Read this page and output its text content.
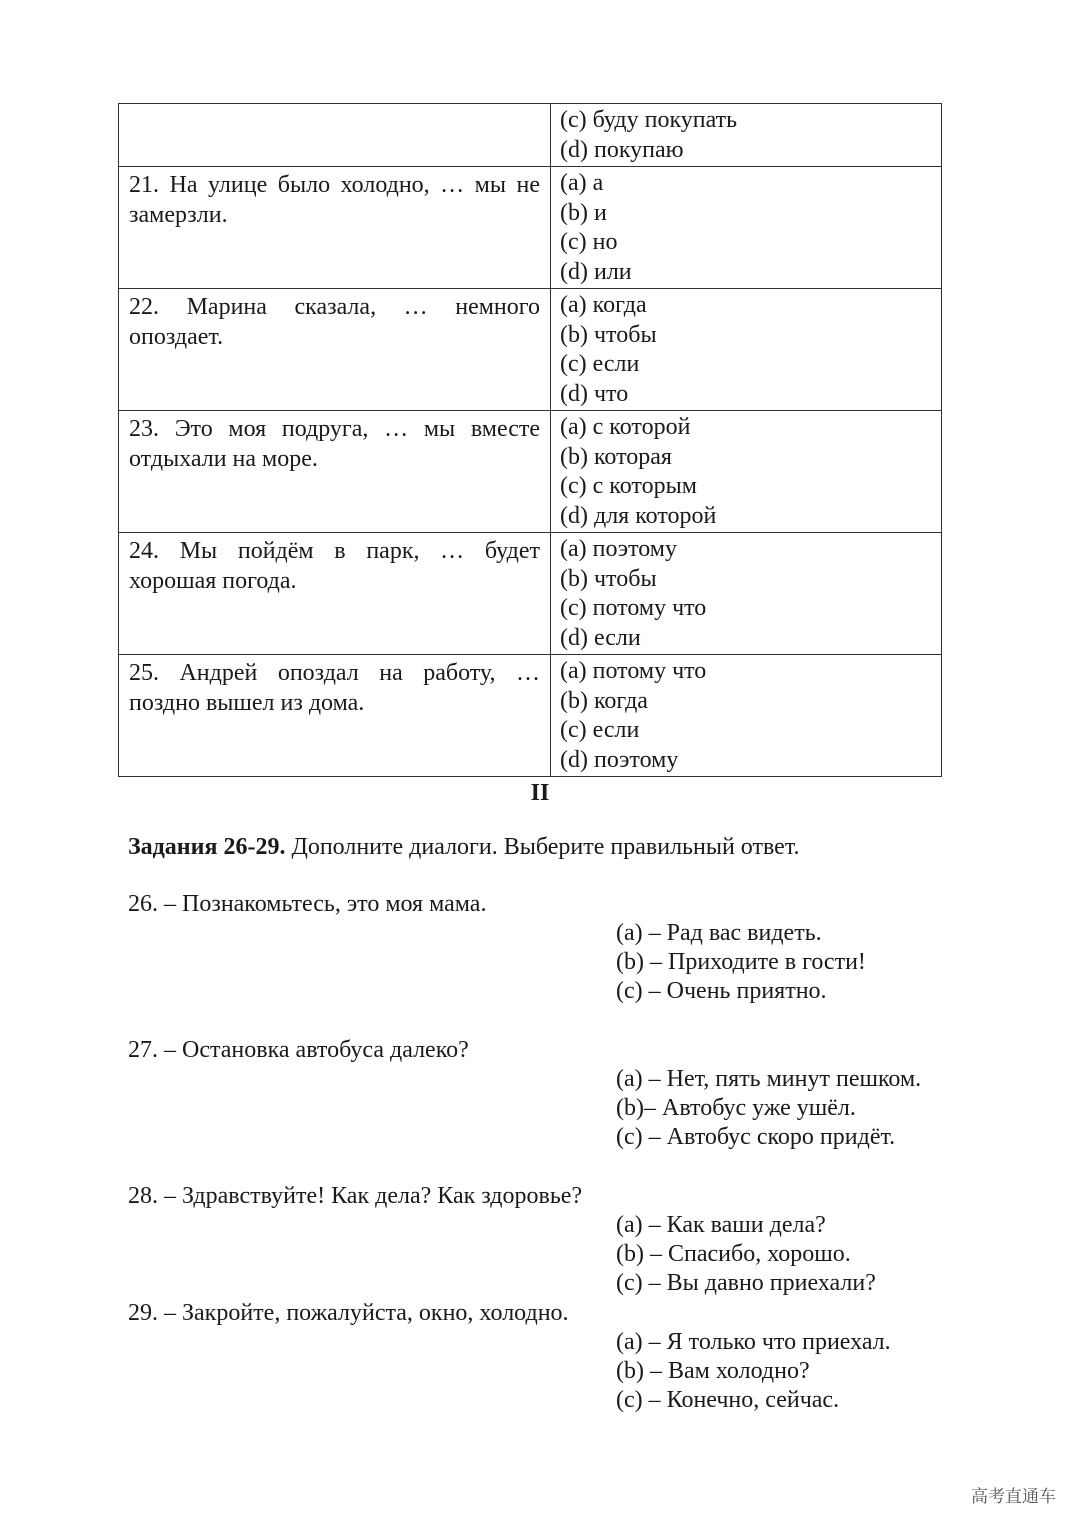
	(c) буду покупать
(d) покупаю

21. На улице было холодно, … мы не замерзли.	(a) а
(b) и
(c) но
(d) или

22. Марина сказала, … немного опоздает.	(a) когда
(b) чтобы
(c) если
(d) что

23. Это моя подруга, … мы вместе отдыхали на море.	(a) с которой
(b) которая
(c) с которым
(d) для которой

24. Мы пойдём в парк, … будет хорошая погода.	(a) поэтому
(b) чтобы
(c) потому что
(d) если

25. Андрей опоздал на работу, … поздно вышел из дома.	(a) потому что
(b) когда
(c) если
(d) поэтому
II
Задания 26-29. Дополните диалоги. Выберите правильный ответ.
26. – Познакомьтесь, это моя мама.
(a) – Рад вас видеть.
(b) – Приходите в гости!
(c) – Очень приятно.
27. – Остановка автобуса далеко?
(a) – Нет, пять минут пешком.
(b)– Автобус уже ушёл.
(c) – Автобус скоро придёт.
28. – Здравствуйте! Как дела? Как здоровье?
(a) – Как ваши дела?
(b) – Спасибо, хорошо.
(c) – Вы давно приехали?
29. – Закройте, пожалуйста, окно, холодно.
(a) – Я только что приехал.
(b) – Вам холодно?
(c) – Конечно, сейчас.
高考直通车
